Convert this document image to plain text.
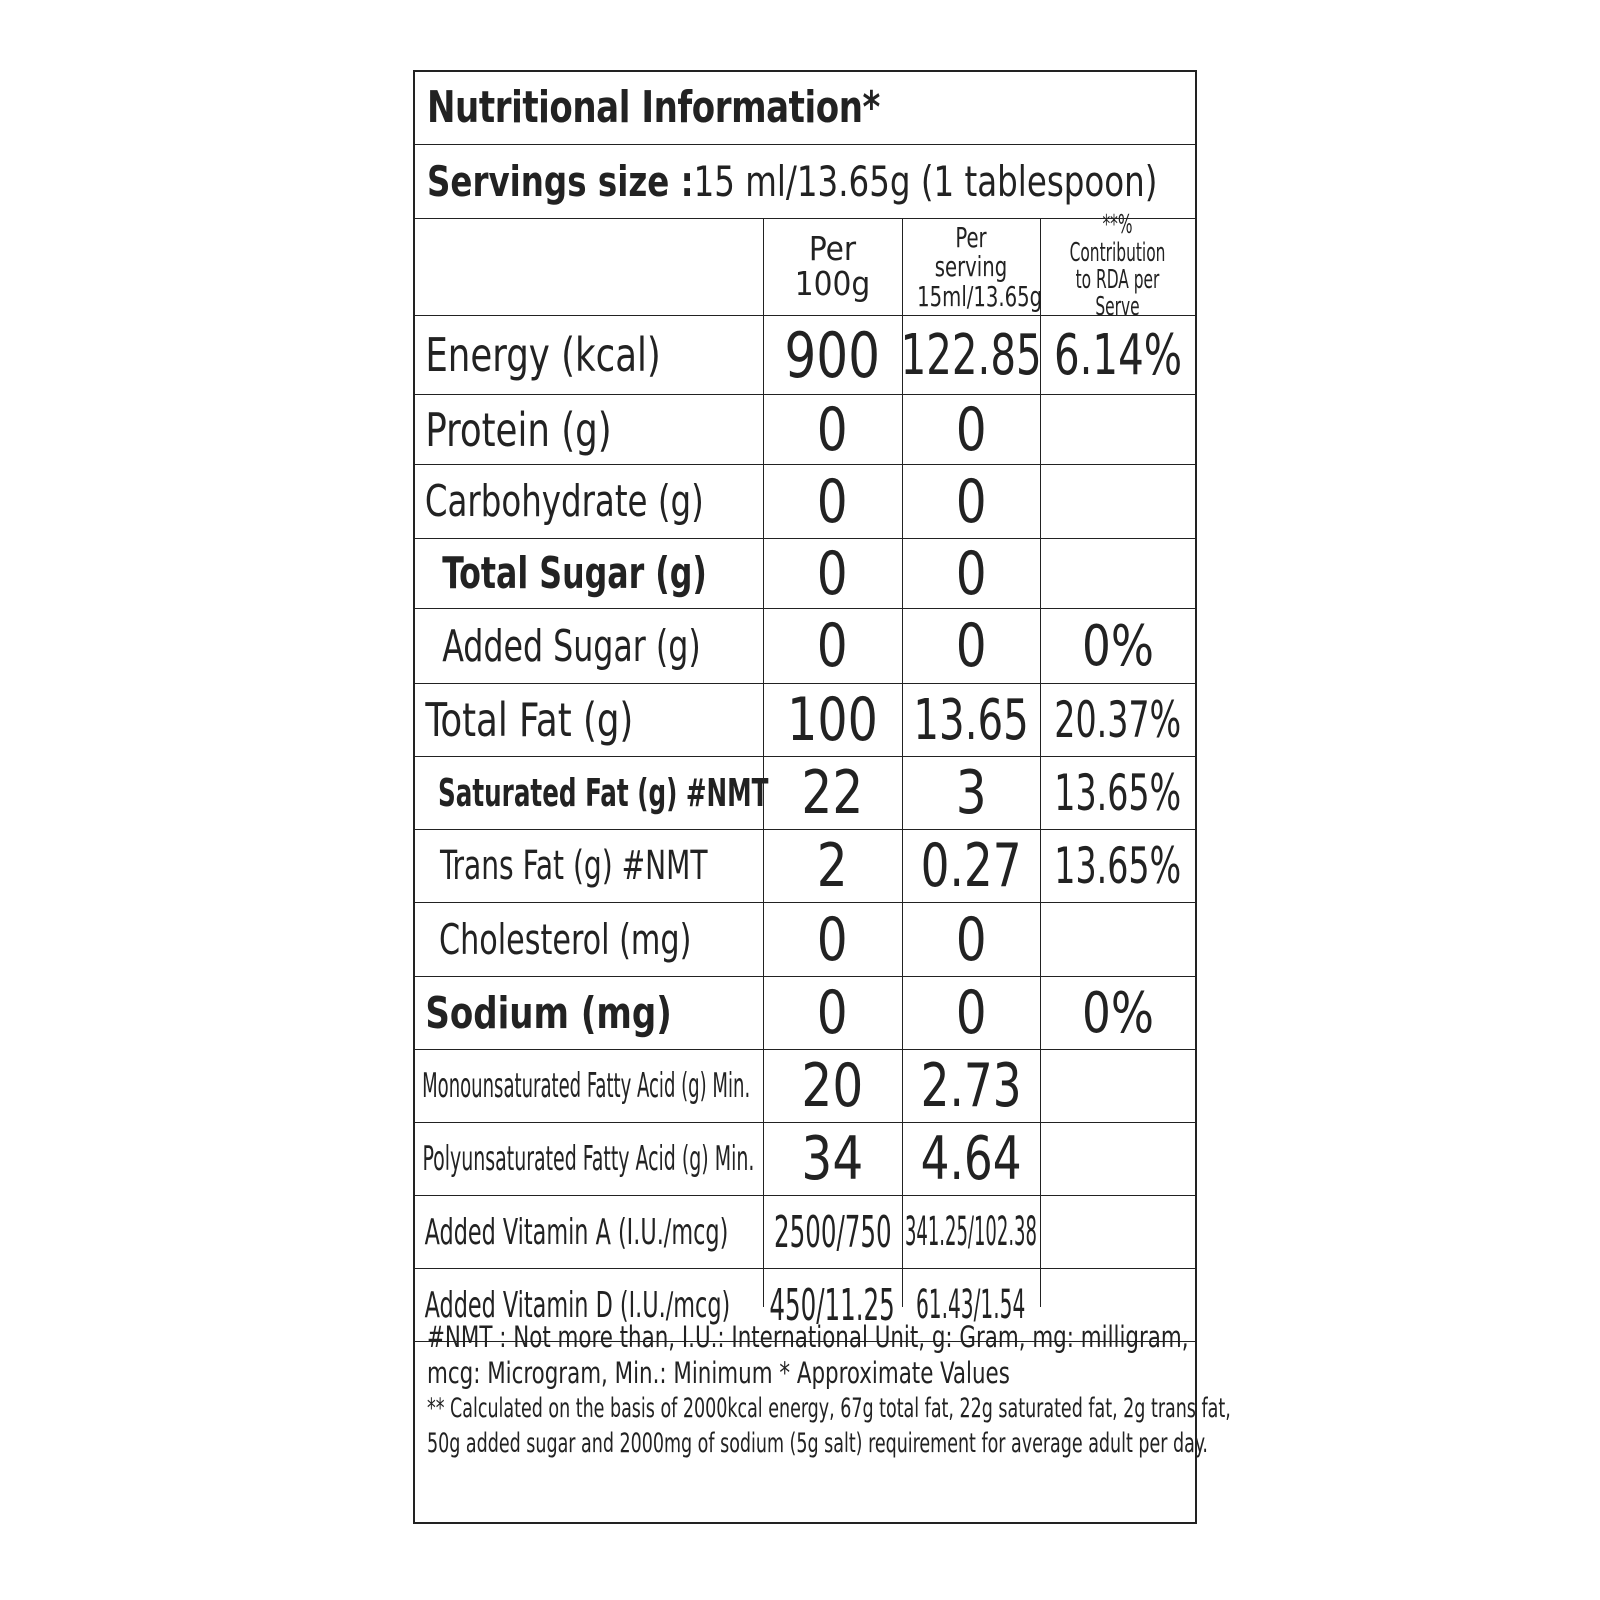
Nutritional Information*
Servings size :15 ml/13.65g (1 tablespoon)
Per
100g
Per serving
15ml/13.65g
**% Contribution
to RDA per Serve
Energy (kcal) 900 122.85 6.14%
Protein (g)	0 0
Carbohydrate (g) 0 0
Total Sugar (g) 0 0
Added Sugar (g) 0 0 0%
Total Fat (g)	100 13.65 20.37%
Saturated Fat (g) #NMT 22 3 13.65%
Trans Fat (g) #NMT 2 0.27 13.65%
Cholesterol (mg) 0 0
Sodium (mg) 0 0 0%
Monounsaturated Fatty Acid (g) Min. 20 2.73
Polyunsaturated Fatty Acid (g) Min. 34 4.64
Added Vitamin A (I.U./mcg) 2500/750 341.25/102.38
Added Vitamin D (I.U./mcg) 450/11.25 61.43/1.54
#NMT : Not more than, I.U.: International Unit, g: Gram, mg: milligram,
mcg: Microgram, Min.: Minimum * Approximate Values
** Calculated on the basis of 2000kcal energy, 67g total fat, 22g saturated fat, 2g trans fat,
50g added sugar and 2000mg of sodium (5g salt) requirement for average adult per day.
